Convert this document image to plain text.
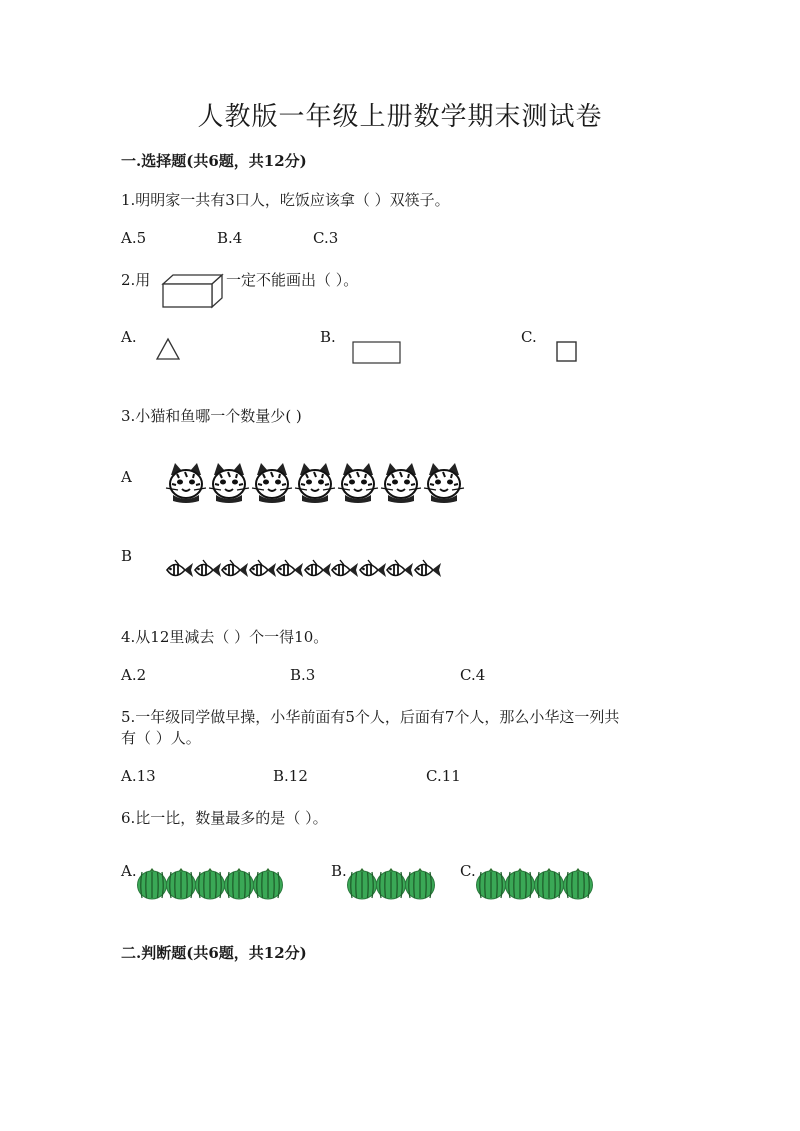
人教版一年级上册数学期末测试卷
一.选择题(共6题，共12分)
1.明明家一共有3口人，吃饭应该拿（ ）双筷子。
A.5	B.4	C.3
2.用	一定不能画出（ ）。
A.	B.	C.
3.小猫和鱼哪一个数量少( )
A
B
4.从12里减去（ ）个一得10。
A.2	B.3	C.4
5.一年级同学做早操，小华前面有5个人，后面有7个人，那么小华这一列共
有（ ）人。
A.13	B.12	C.11
6.比一比，数量最多的是（ ）。
A.	B.	C.
二.判断题(共6题，共12分)
